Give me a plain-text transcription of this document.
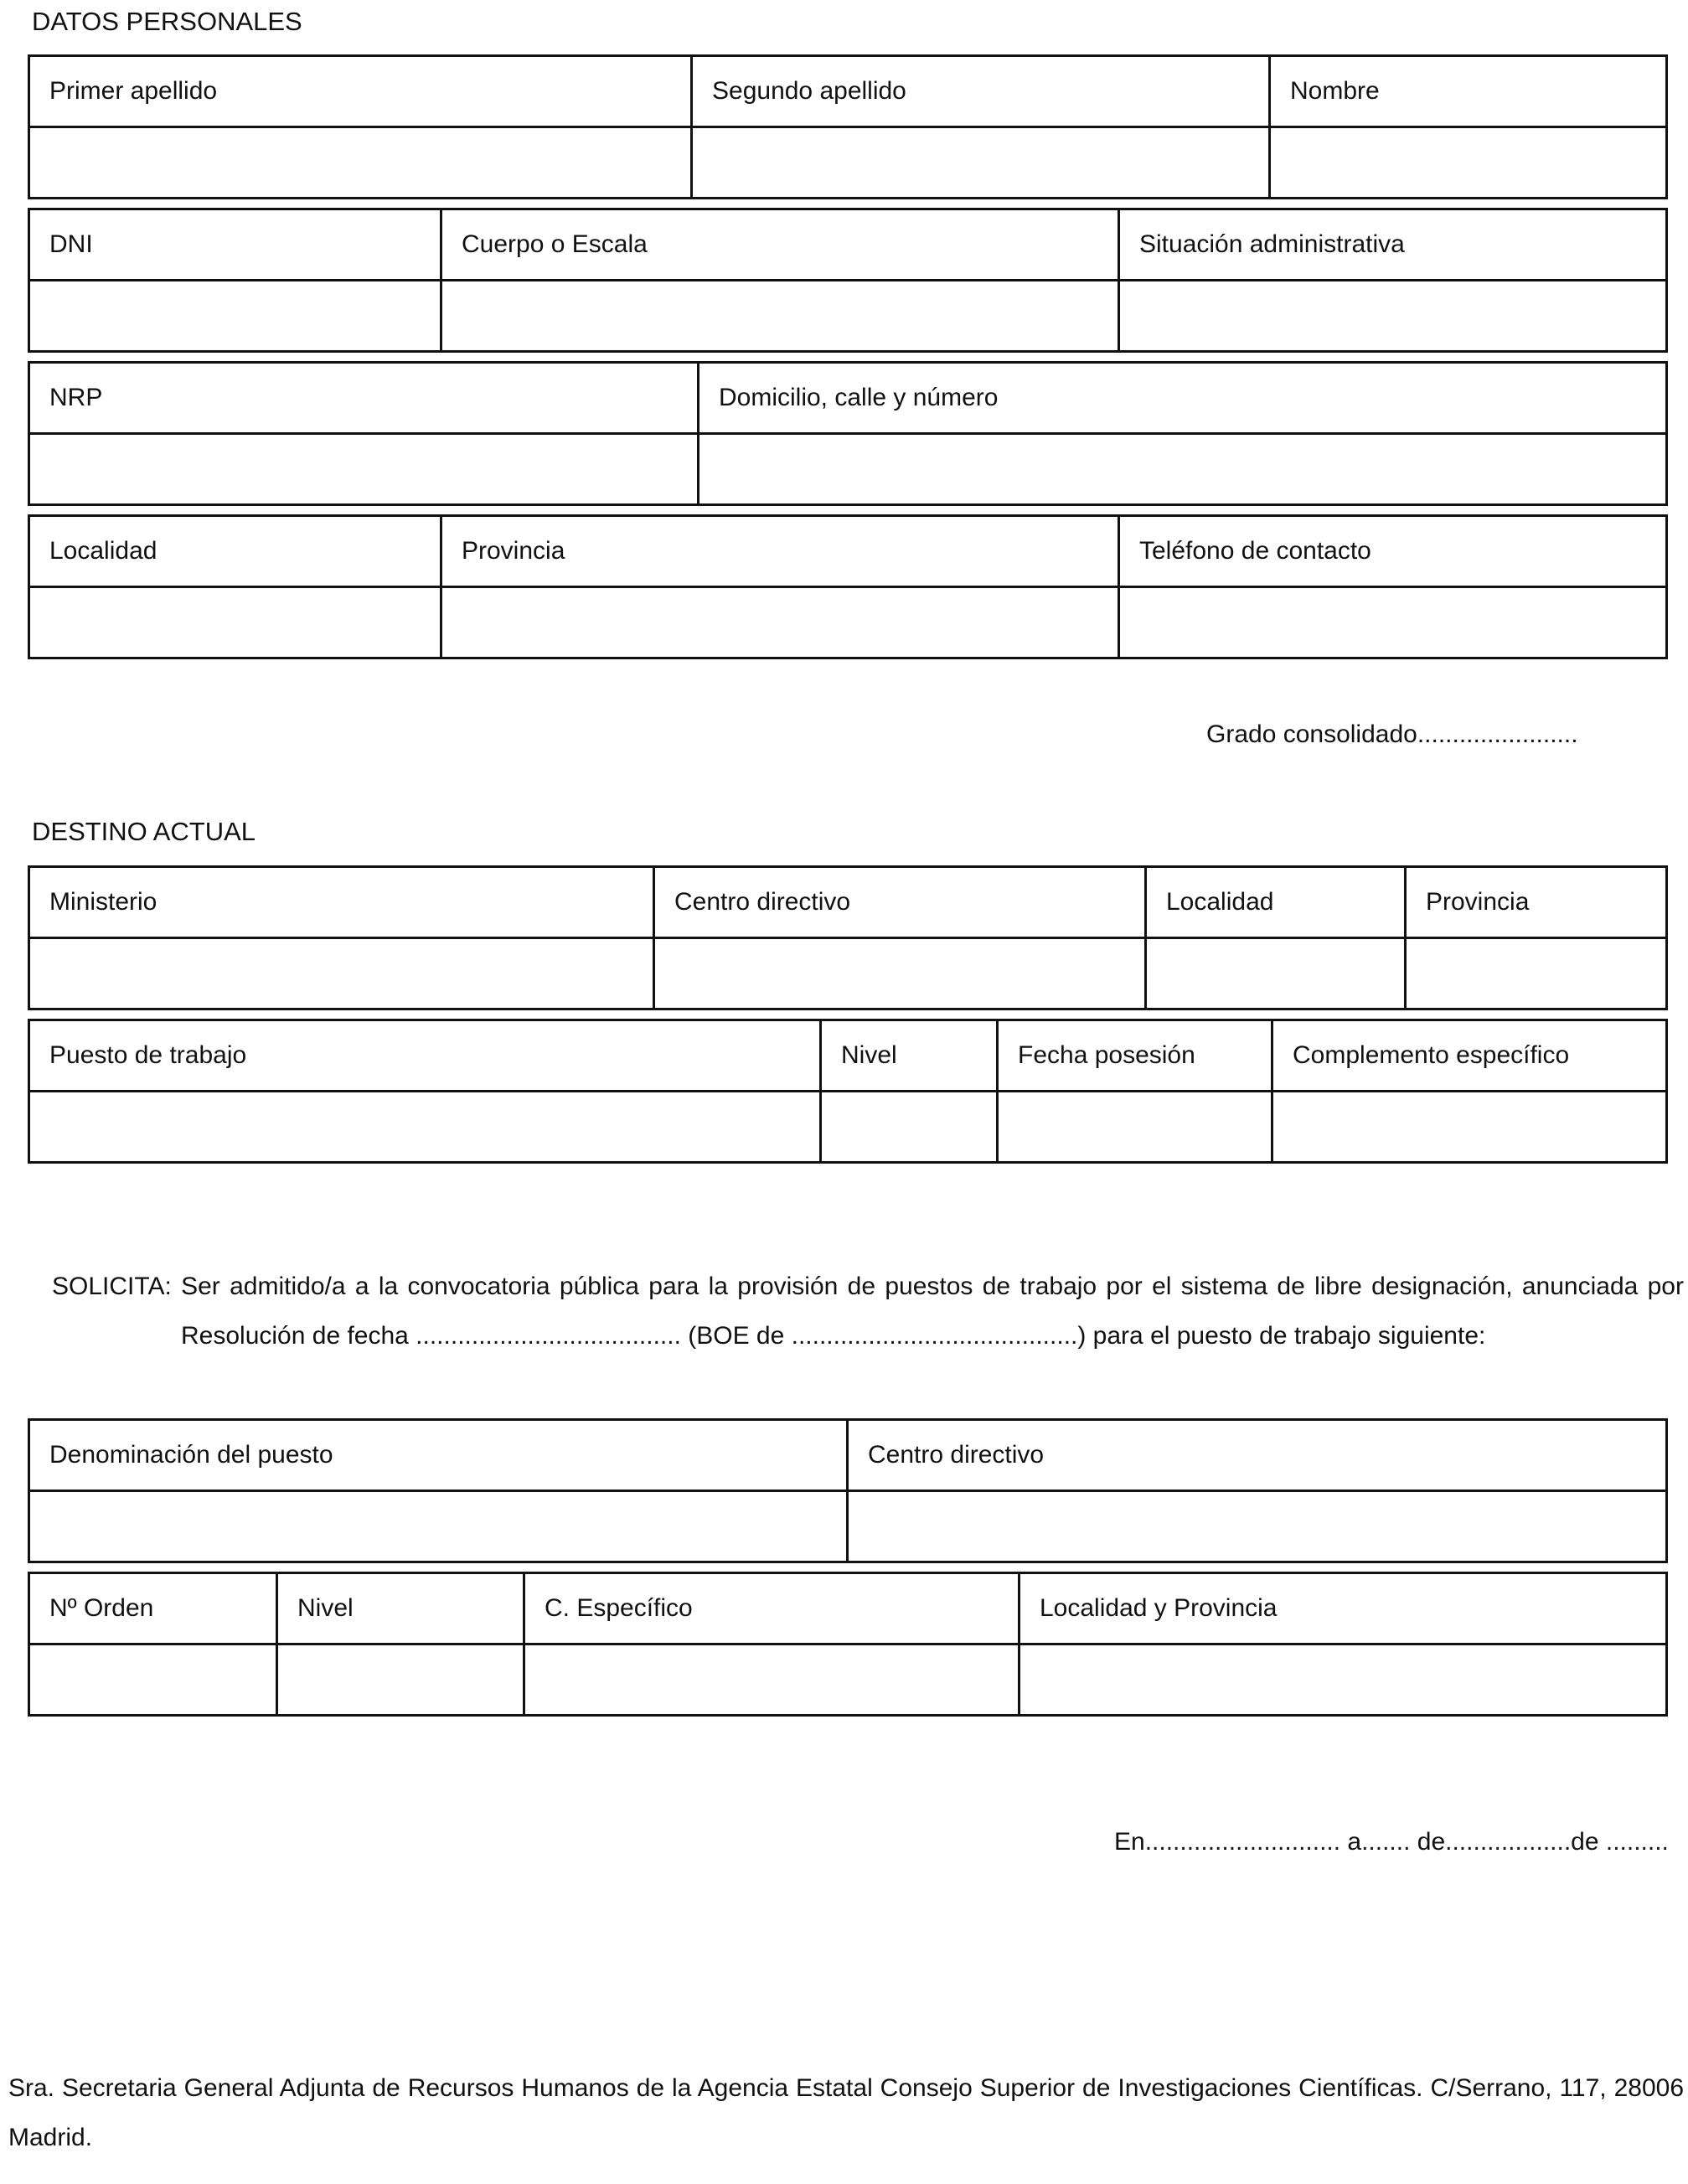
DATOS PERSONALES
Primer apellido	Segundo apellido	Nombre

DNI	Cuerpo o Escala	Situación administrativa

NRP	Domicilio, calle y número

Localidad	Provincia	Teléfono de contacto

Grado consolidado.......................
DESTINO ACTUAL
Ministerio	Centro directivo	Localidad	Provincia

Puesto de trabajo	Nivel	Fecha posesión	Complemento específico

SOLICITA: Ser admitido/a a la convocatoria pública para la provisión de puestos de trabajo por el sistema de libre designación, anunciada por
Resolución de fecha ...................................... (BOE de .........................................) para el puesto de trabajo siguiente:
Denominación del puesto	Centro directivo

Nº Orden	Nivel	C. Específico	Localidad y Provincia

En............................ a....... de..................de .........
Sra. Secretaria General Adjunta de Recursos Humanos de la Agencia Estatal Consejo Superior de Investigaciones Científicas. C/Serrano, 117, 28006
Madrid.
